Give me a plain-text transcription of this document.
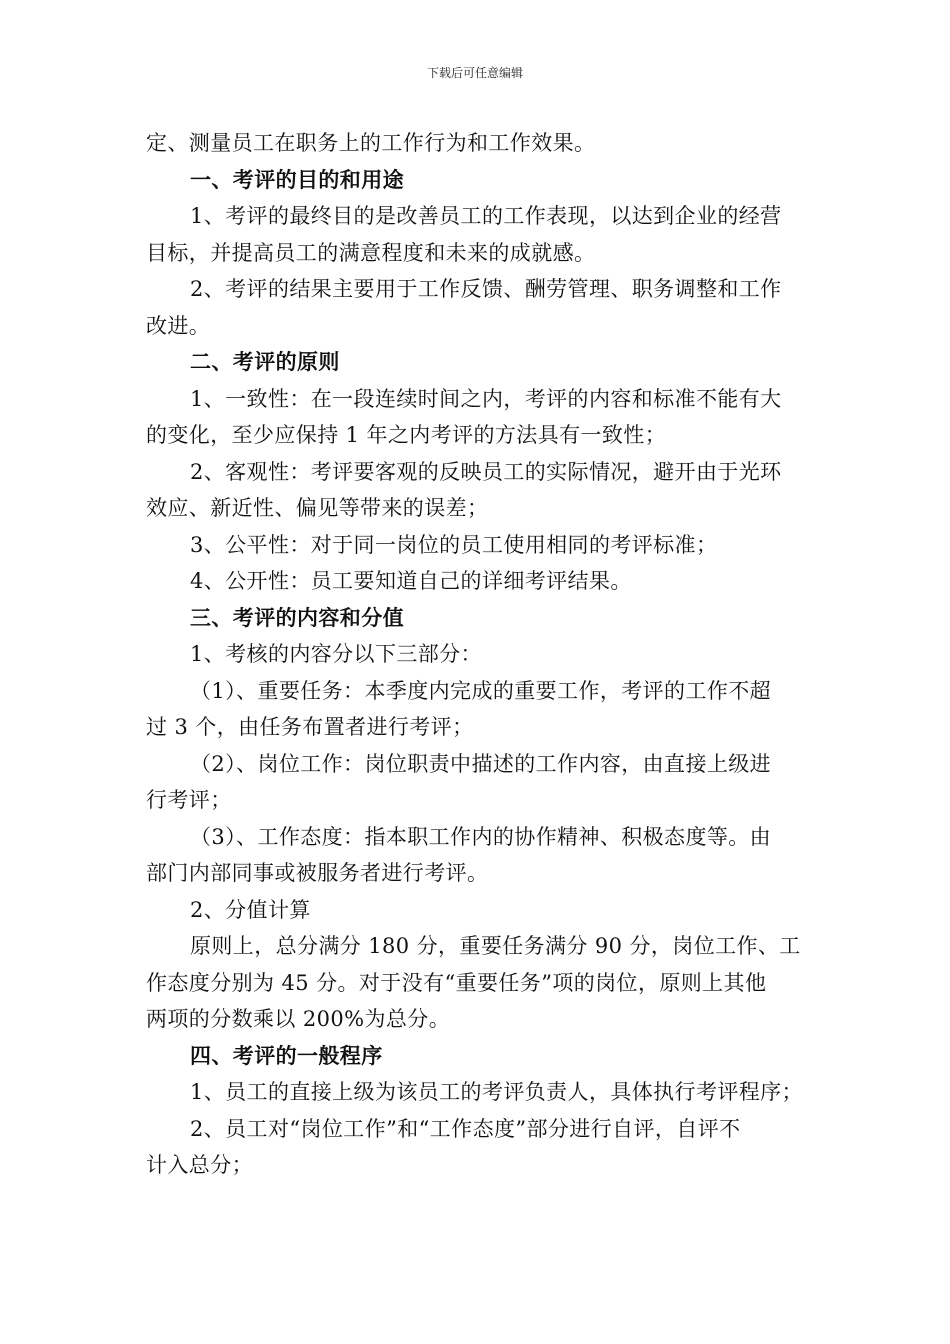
下载后可任意编辑
定、测量员工在职务上的工作行为和工作效果。
一、考评的目的和用途
1、考评的最终目的是改善员工的工作表现，以达到企业的经营
目标，并提高员工的满意程度和未来的成就感。
2、考评的结果主要用于工作反馈、酬劳管理、职务调整和工作
改进。
二、考评的原则
1、一致性：在一段连续时间之内，考评的内容和标准不能有大
的变化，至少应保持 1 年之内考评的方法具有一致性；
2、客观性：考评要客观的反映员工的实际情况，避开由于光环
效应、新近性、偏见等带来的误差；
3、公平性：对于同一岗位的员工使用相同的考评标准；
4、公开性：员工要知道自己的详细考评结果。
三、考评的内容和分值
1、考核的内容分以下三部分：
（1）、重要任务：本季度内完成的重要工作，考评的工作不超
过 3 个，由任务布置者进行考评；
（2）、岗位工作：岗位职责中描述的工作内容，由直接上级进
行考评；
（3）、工作态度：指本职工作内的协作精神、积极态度等。由
部门内部同事或被服务者进行考评。
2、分值计算
原则上，总分满分 180 分，重要任务满分 90 分，岗位工作、工
作态度分别为 45 分。对于没有“重要任务”项的岗位，原则上其他
两项的分数乘以 200%为总分。
四、考评的一般程序
1、员工的直接上级为该员工的考评负责人，具体执行考评程序；
2、员工对“岗位工作”和“工作态度”部分进行自评，自评不
计入总分；
